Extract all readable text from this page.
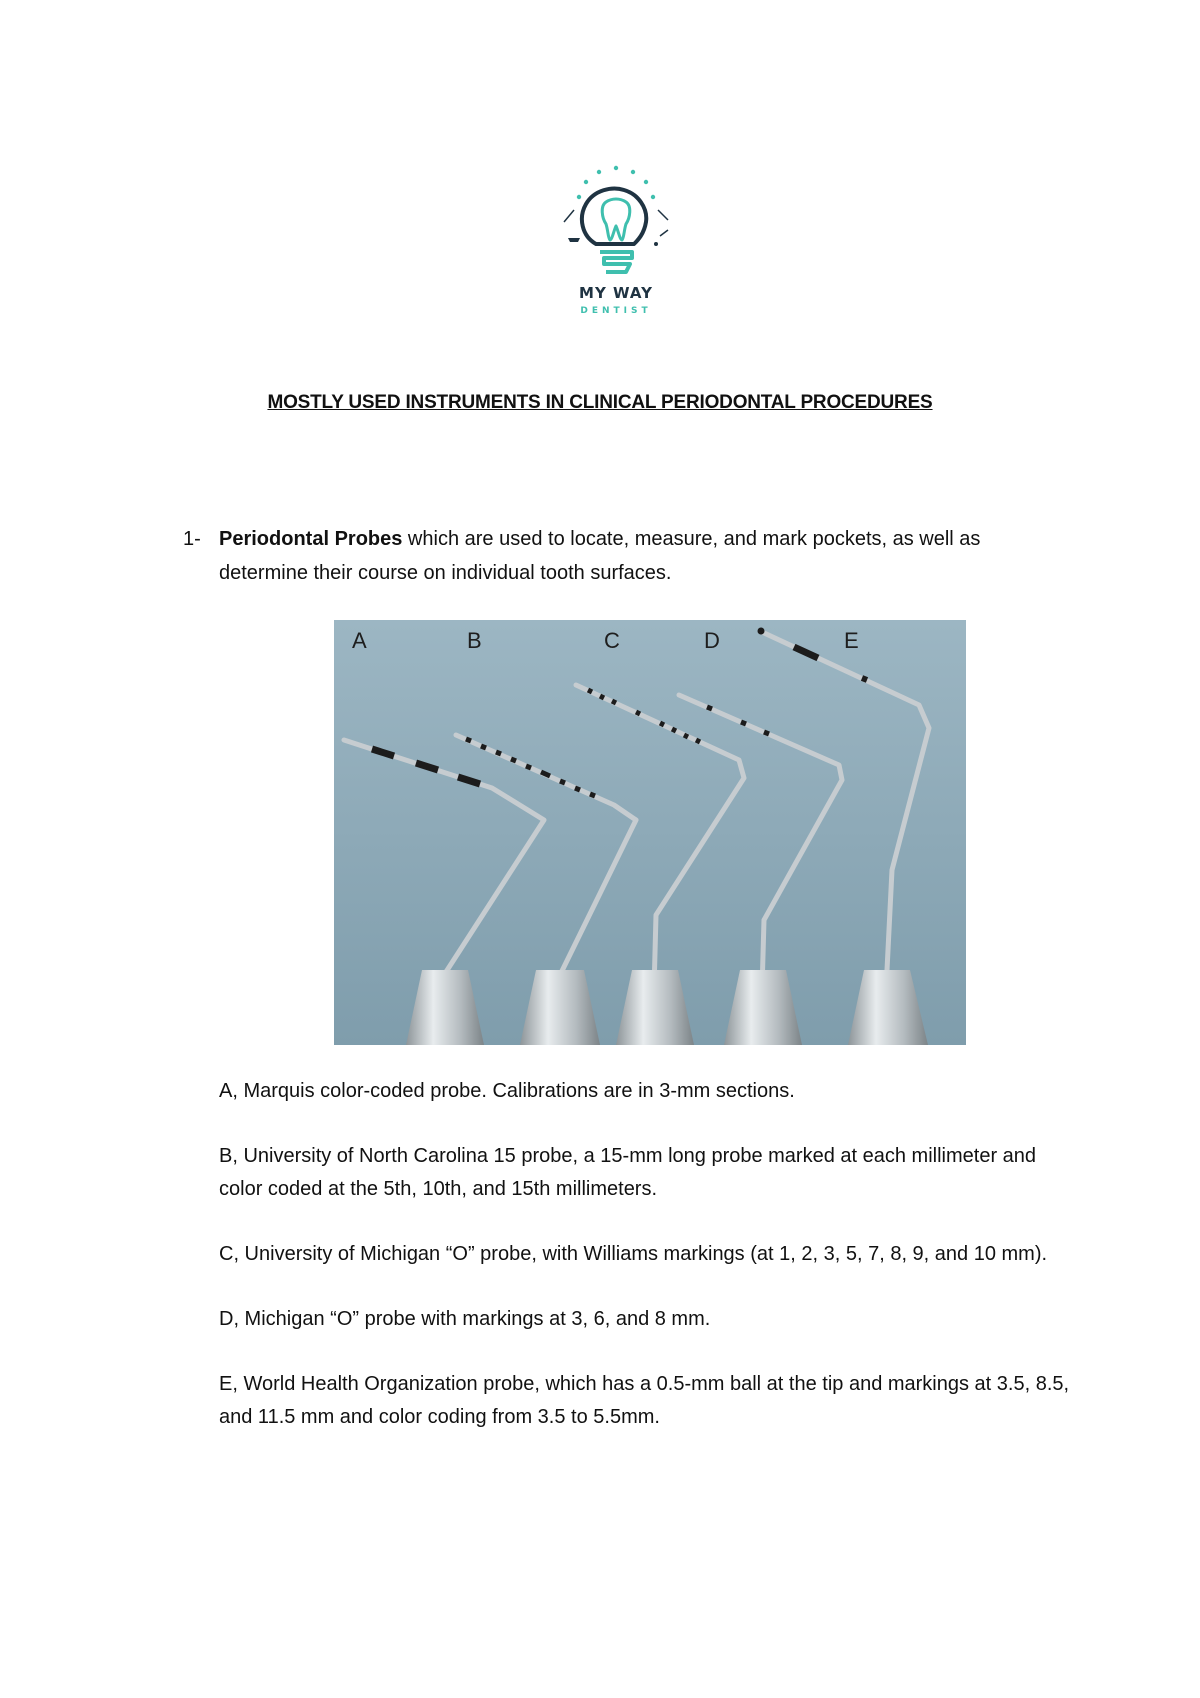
MY WAY
DENTIST
MOSTLY USED INSTRUMENTS IN CLINICAL PERIODONTAL PROCEDURES
1- Periodontal Probes which are used to locate, measure, and mark pockets, as well as determine their course on individual tooth surfaces.
A	B	C	D	E

A, Marquis color-coded probe. Calibrations are in 3-mm sections.

B, University of North Carolina 15 probe, a 15-mm long probe marked at each millimeter and color coded at the 5th, 10th, and 15th millimeters.

C, University of Michigan “O” probe, with Williams markings (at 1, 2, 3, 5, 7, 8, 9, and 10 mm).

D, Michigan “O” probe with markings at 3, 6, and 8 mm.

E, World Health Organization probe, which has a 0.5-mm ball at the tip and markings at 3.5, 8.5, and 11.5 mm and color coding from 3.5 to 5.5mm.
